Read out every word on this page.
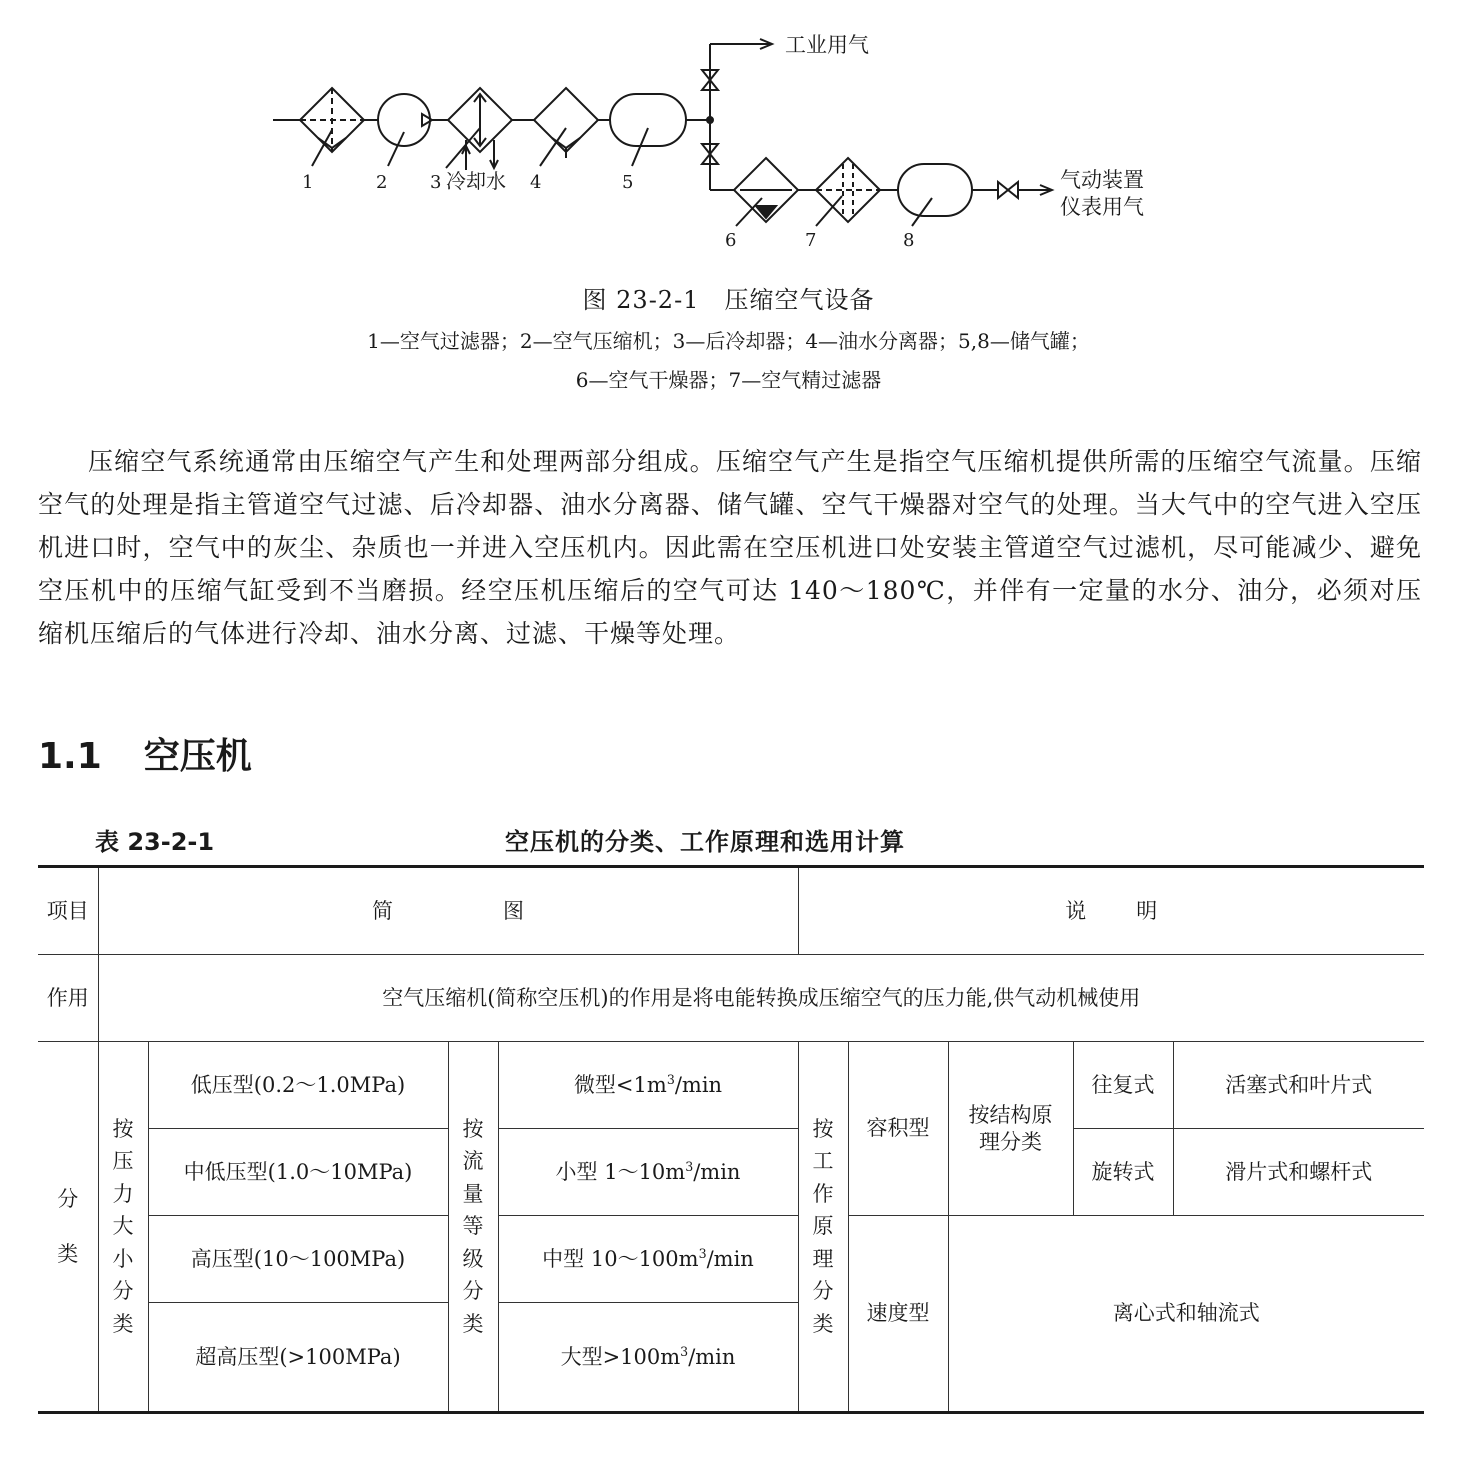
1	2 3 冷却水 4	5
6	7	8
工业用气
气动装置
仪表用气
图 23-2-1　压缩空气设备
1—空气过滤器；2—空气压缩机；3—后冷却器；4—油水分离器；5,8—储气罐；
6—空气干燥器；7—空气精过滤器

压缩空气系统通常由压缩空气产生和处理两部分组成。压缩空气产生是指空气压缩机提供所需的压缩空气流量。压缩空气的处理是指主管道空气过滤、后冷却器、油水分离器、储气罐、空气干燥器对空气的处理。当大气中的空气进入空压机进口时，空气中的灰尘、杂质也一并进入空压机内。因此需在空压机进口处安装主管道空气过滤机，尽可能减少、避免空压机中的压缩气缸受到不当磨损。经空压机压缩后的空气可达 140～180℃，并伴有一定量的水分、油分，必须对压缩机压缩后的气体进行冷却、油水分离、过滤、干燥等处理。

1.1 空压机
表 23-2-1	空压机的分类、工作原理和选用计算
项目	简 图				说 明				
作用	空气压缩机(简称空压机)的作用是将电能转换成压缩空气的压力能,供气动机械使用								

分类	按压力大小分类	低压型(0.2～1.0MPa)	按流量等级分类	微型$<1m^3/\min$	按工作原理分类	容积型	按结构原理分类	往复式	活塞式和叶片式
		中低压型(1.0～10MPa)		小型 $1\sim 10m^3/\min$				旋转式	滑片式和螺杆式
		高压型(10～100MPa)		中型 $10\sim 100m^3/\min$		速度型	离心式和轴流式		
		超高压型(>100MPa)		大型$>100m^3/\min$					
